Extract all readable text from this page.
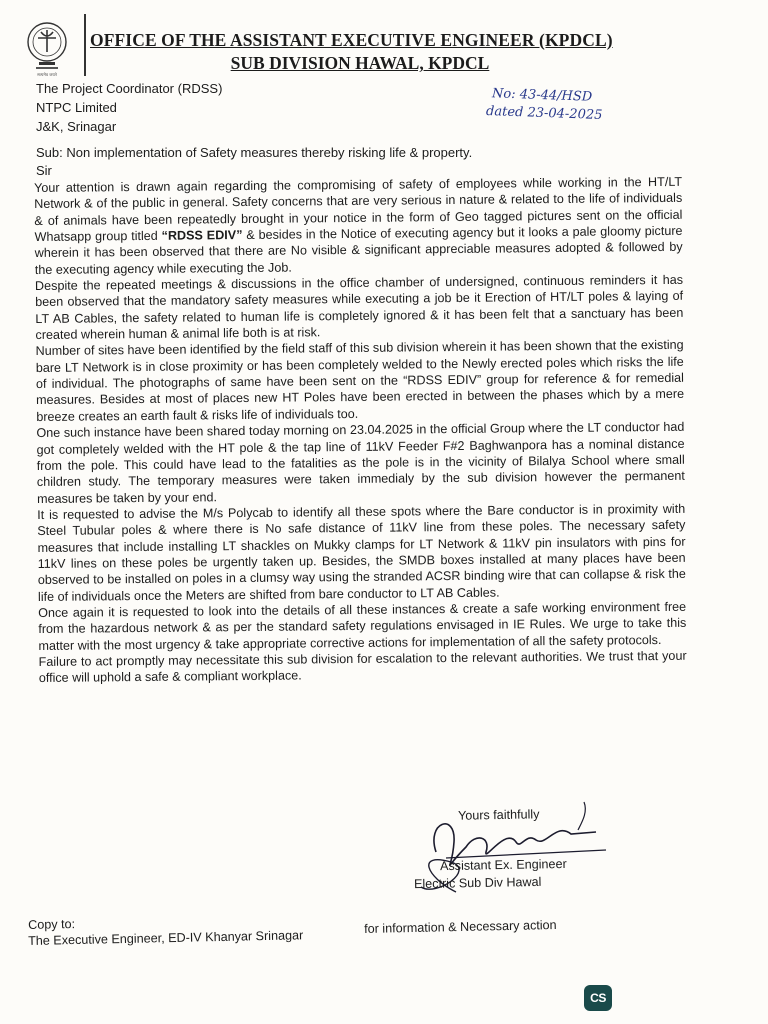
सत्यमेव जयते
OFFICE OF THE ASSISTANT EXECUTIVE ENGINEER (KPDCL)
SUB DIVISION HAWAL, KPDCL
The Project Coordinator (RDSS)
NTPC Limited
J&K, Srinagar
No: 43-44/HSD
dated 23-04-2025
Sub: Non implementation of Safety measures thereby risking life & property.
Sir

Your attention is drawn again regarding the compromising of safety of employees while working in the HT/LT Network & of the public in general. Safety concerns that are very serious in nature & related to the life of individuals & of animals have been repeatedly brought in your notice in the form of Geo tagged pictures sent on the official Whatsapp group titled “RDSS EDIV” & besides in the Notice of executing agency but it looks a pale gloomy picture wherein it has been observed that there are No visible & significant appreciable measures adopted & followed by the executing agency while executing the Job.

Despite the repeated meetings & discussions in the office chamber of undersigned, continuous reminders it has been observed that the mandatory safety measures while executing a job be it Erection of HT/LT poles & laying of LT AB Cables, the safety related to human life is completely ignored & it has been felt that a sanctuary has been created wherein human & animal life both is at risk.

Number of sites have been identified by the field staff of this sub division wherein it has been shown that the existing bare LT Network is in close proximity or has been completely welded to the Newly erected poles which risks the life of individual. The photographs of same have been sent on the “RDSS EDIV” group for reference & for remedial measures. Besides at most of places new HT Poles have been erected in between the phases which by a mere breeze creates an earth fault & risks life of individuals too.

One such instance have been shared today morning on 23.04.2025 in the official Group where the LT conductor had got completely welded with the HT pole & the tap line of 11kV Feeder F#2 Baghwanpora has a nominal distance from the pole. This could have lead to the fatalities as the pole is in the vicinity of Bilalya School where small children study. The temporary measures were taken immedialy by the sub division however the permanent measures be taken by your end.

It is requested to advise the M/s Polycab to identify all these spots where the Bare conductor is in proximity with Steel Tubular poles & where there is No safe distance of 11kV line from these poles. The necessary safety measures that include installing LT shackles on Mukky clamps for LT Network & 11kV pin insulators with pins for 11kV lines on these poles be urgently taken up. Besides, the SMDB boxes installed at many places have been observed to be installed on poles in a clumsy way using the stranded ACSR binding wire that can collapse & risk the life of individuals once the Meters are shifted from bare conductor to LT AB Cables.

Once again it is requested to look into the details of all these instances & create a safe working environment free from the hazardous network & as per the standard safety regulations envisaged in IE Rules. We urge to take this matter with the most urgency & take appropriate corrective actions for implementation of all the safety protocols.

Failure to act promptly may necessitate this sub division for escalation to the relevant authorities. We trust that your office will uphold a safe & compliant workplace.

Yours faithfully
Assistant Ex. Engineer
Electric Sub Div Hawal
Copy to:
The Executive Engineer, ED-IV Khanyar Srinagar
for information & Necessary action
CS
